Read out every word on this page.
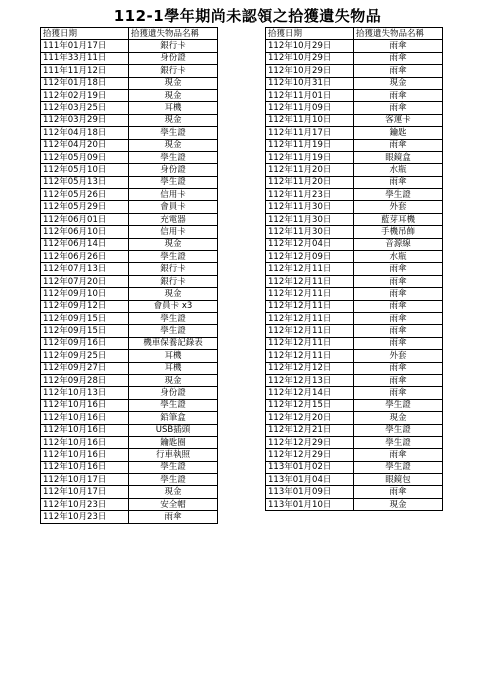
112-1學年期尚未認領之拾獲遺失物品
拾獲日期	拾獲遺失物品名稱
111年01月17日	銀行卡
111年33月11日	身份證
111年11月12日	銀行卡
112年01月18日	現金
112年02月19日	現金
112年03月25日	耳機
112年03月29日	現金
112年04月18日	學生證
112年04月20日	現金
112年05月09日	學生證
112年05月10日	身份證
112年05月13日	學生證
112年05月26日	信用卡
112年05月29日	會員卡
112年06月01日	充電器
112年06月10日	信用卡
112年06月14日	現金
112年06月26日	學生證
112年07月13日	銀行卡
112年07月20日	銀行卡
112年09月10日	現金
112年09月12日	會員卡 x3
112年09月15日	學生證
112年09月15日	學生證
112年09月16日	機車保養記錄表
112年09月25日	耳機
112年09月27日	耳機
112年09月28日	現金
112年10月13日	身份證
112年10月16日	學生證
112年10月16日	鉛筆盒
112年10月16日	USB插頭
112年10月16日	鑰匙圈
112年10月16日	行車執照
112年10月16日	學生證
112年10月17日	學生證
112年10月17日	現金
112年10月23日	安全帽
112年10月23日	雨傘
拾獲日期	拾獲遺失物品名稱
112年10月29日	雨傘
112年10月29日	雨傘
112年10月29日	雨傘
112年10月31日	現金
112年11月01日	雨傘
112年11月09日	雨傘
112年11月10日	客運卡
112年11月17日	鑰匙
112年11月19日	雨傘
112年11月19日	眼鏡盒
112年11月20日	水瓶
112年11月20日	雨傘
112年11月23日	學生證
112年11月30日	外套
112年11月30日	藍芽耳機
112年11月30日	手機吊飾
112年12月04日	音源線
112年12月09日	水瓶
112年12月11日	雨傘
112年12月11日	雨傘
112年12月11日	雨傘
112年12月11日	雨傘
112年12月11日	雨傘
112年12月11日	雨傘
112年12月11日	雨傘
112年12月11日	外套
112年12月12日	雨傘
112年12月13日	雨傘
112年12月14日	雨傘
112年12月15日	學生證
112年12月20日	現金
112年12月21日	學生證
112年12月29日	學生證
112年12月29日	雨傘
113年01月02日	學生證
113年01月04日	眼鏡包
113年01月09日	雨傘
113年01月10日	現金
